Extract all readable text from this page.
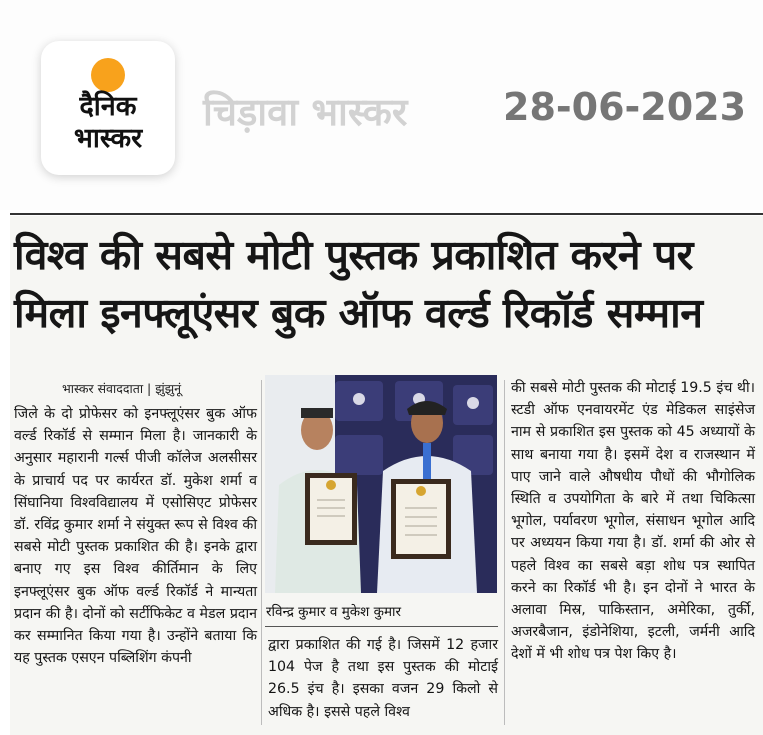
दैनिक
भास्कर
चिड़ावा भास्कर	28-06-2023
विश्व की सबसे मोटी पुस्तक प्रकाशित करने पर
मिला इनफ्लूएंसर बुक ऑफ वर्ल्ड रिकॉर्ड सम्मान
भास्कर संवाददाता | झुंझुनूं
जिले के दो प्रोफेसर को इनफ्लूएंसर बुक ऑफ वर्ल्ड रिकॉर्ड से सम्मान मिला है। जानकारी के अनुसार महारानी गर्ल्स पीजी कॉलेज अलसीसर के प्राचार्य पद पर कार्यरत डॉ. मुकेश शर्मा व सिंघानिया विश्वविद्यालय में एसोसिएट प्रोफेसर डॉ. रविंद्र कुमार शर्मा ने संयुक्त रूप से विश्व की सबसे मोटी पुस्तक प्रकाशित की है। इनके द्वारा बनाए गए इस विश्व कीर्तिमान के लिए इनफ्लूएंसर बुक ऑफ वर्ल्ड रिकॉर्ड ने मान्यता प्रदान की है। दोनों को सर्टीफिकेट व मेडल प्रदान कर सम्मानित किया गया है। उन्होंने बताया कि यह पुस्तक एसएन पब्लिशिंग कंपनी
रविन्द्र कुमार व मुकेश कुमार
द्वारा प्रकाशित की गई है। जिसमें 12 हजार 104 पेज है तथा इस पुस्तक की मोटाई 26.5 इंच है। इसका वजन 29 किलो से अधिक है। इससे पहले विश्व
की सबसे मोटी पुस्तक की मोटाई 19.5 इंच थी। स्टडी ऑफ एनवायरमेंट एंड मेडिकल साइंसेज नाम से प्रकाशित इस पुस्तक को 45 अध्यायों के साथ बनाया गया है। इसमें देश व राजस्थान में पाए जाने वाले औषधीय पौधों की भौगोलिक स्थिति व उपयोगिता के बारे में तथा चिकित्सा भूगोल, पर्यावरण भूगोल, संसाधन भूगोल आदि पर अध्ययन किया गया है। डॉ. शर्मा की ओर से पहले विश्व का सबसे बड़ा शोध पत्र स्थापित करने का रिकॉर्ड भी है। इन दोनों ने भारत के अलावा मिस्र, पाकिस्तान, अमेरिका, तुर्की, अजरबैजान, इंडोनेशिया, इटली, जर्मनी आदि देशों में भी शोध पत्र पेश किए है।
